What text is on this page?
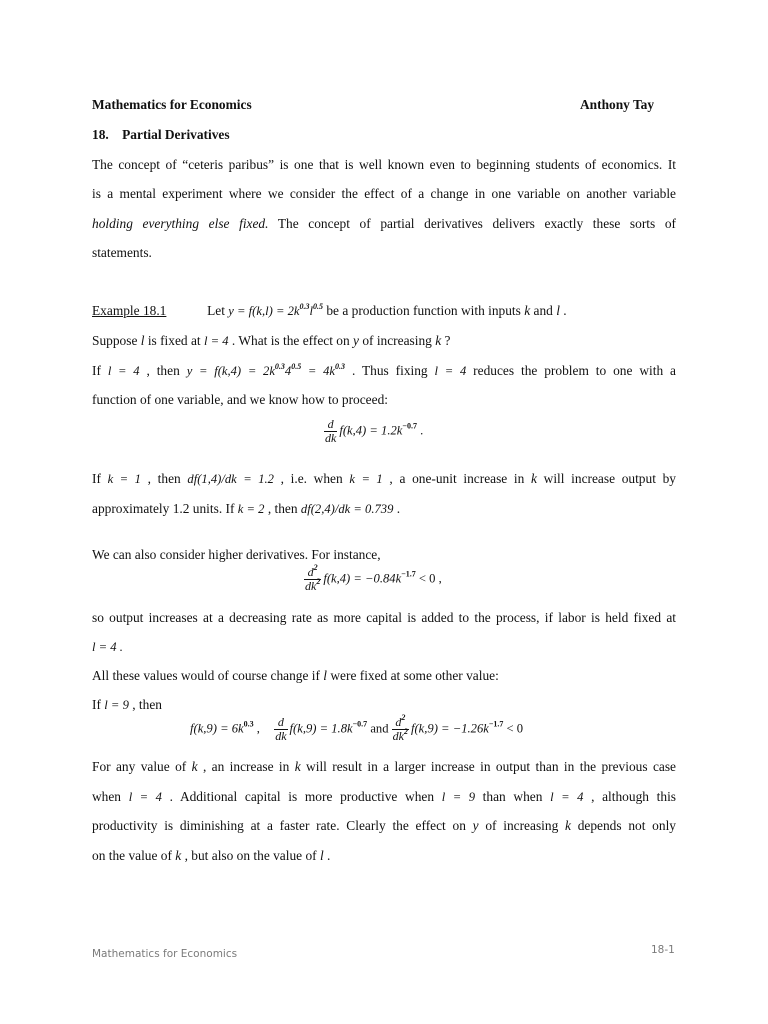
Mathematics for Economics	Anthony Tay
18.    Partial Derivatives
The concept of “ceteris paribus” is one that is well known even to beginning students of economics. It
is a mental experiment where we consider the effect of a change in one variable on another variable
holding everything else fixed. The concept of partial derivatives delivers exactly these sorts of
statements.
Example 18.1	Let $y = f(k,l) = 2k^{0.3}l^{0.5}$ be a production function with inputs k and l .
Suppose l is fixed at l = 4 . What is the effect on y of increasing k ?
If l = 4 , then $y = f(k,4) = 2k^{0.3}4^{0.5} = 4k^{0.3}$ . Thus fixing l = 4 reduces the problem to one with a
function of one variable, and we know how to proceed:
$\frac{d}{dk} f(k,4) = 1.2k^{-0.7}$ .
If k = 1 , then df(1,4)/dk = 1.2 , i.e. when k = 1 , a one-unit increase in k will increase output by
approximately 1.2 units. If k = 2 , then df(2,4)/dk = 0.739 .
We can also consider higher derivatives. For instance,
$\frac{d^2}{dk^2} f(k,4) = -0.84k^{-1.7} < 0$ ,
so output increases at a decreasing rate as more capital is added to the process, if labor is held fixed at
l = 4 .
All these values would of course change if l were fixed at some other value:
If l = 9 , then
$f(k,9) = 6k^{0.3}$ , $\frac{d}{dk} f(k,9) = 1.8k^{-0.7}$ and $\frac{d^2}{dk^2} f(k,9) = -1.26k^{-1.7} < 0$
For any value of k , an increase in k will result in a larger increase in output than in the previous case
when l = 4 . Additional capital is more productive when l = 9 than when l = 4 , although this
productivity is diminishing at a faster rate. Clearly the effect on y of increasing k depends not only
on the value of k , but also on the value of l .
Mathematics for Economics	18-1
